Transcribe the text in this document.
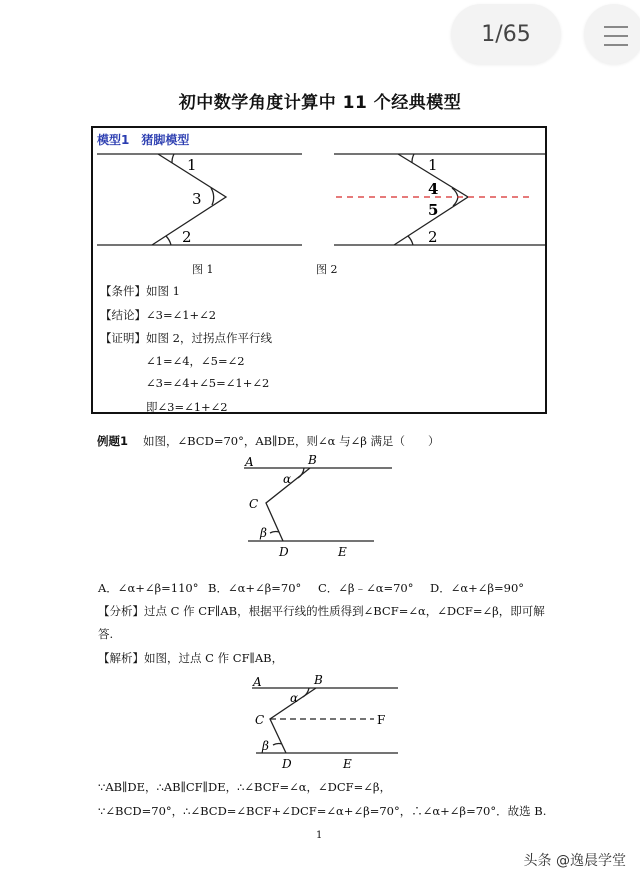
1/65
初中数学角度计算中 11 个经典模型
模型1　猪脚模型
1
3
2
1
4
5
2
A	B
α
C
β
D	E
A	B
α
C	F
β
D	E
图 1	图 2
【条件】如图 1
【结论】∠3=∠1+∠2
【证明】如图 2，过拐点作平行线
∠1=∠4，∠5=∠2
∠3=∠4+∠5=∠1+∠2
即∠3=∠1+∠2
例题1 如图，∠BCD=70°，AB∥DE，则∠α 与∠β 满足（　　）
A．∠α+∠β=110° B．∠α+∠β=70° C．∠β﹣∠α=70° D．∠α+∠β=90°
【分析】过点 C 作 CF∥AB，根据平行线的性质得到∠BCF=∠α，∠DCF=∠β，即可解
答.
【解析】如图，过点 C 作 CF∥AB，
∵AB∥DE，∴AB∥CF∥DE，∴∠BCF=∠α，∠DCF=∠β，
∵∠BCD=70°，∴∠BCD=∠BCF+∠DCF=∠α+∠β=70°，∴∠α+∠β=70°．故选 B.
1
头条 @逸晨学堂
